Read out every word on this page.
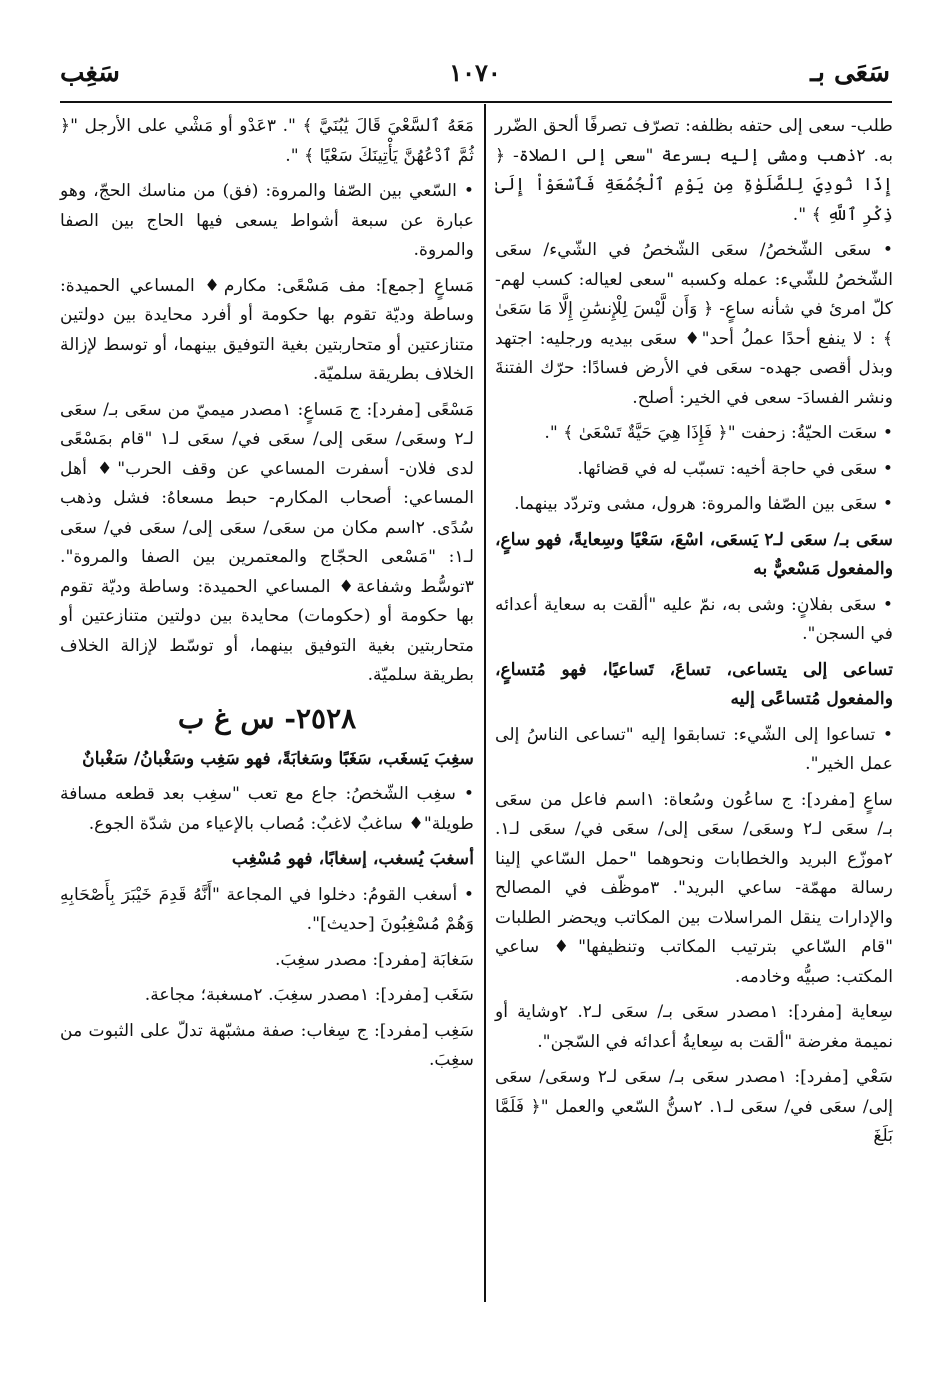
سَعَى بـ
١٠٧٠
سَغِب

طلب- سعى إلى حتفه بظلفه: تصرّف تصرفًا ألحق الضّرر به. ٢ذهب ومشى إليه بسرعة "سعى إلى الصلاة- ﴿ إِذَا نُودِيَ لِلصَّلَوٰةِ مِن يَوْمِ ٱلْجُمُعَةِ فَٱسْعَوْاْ إِلَىٰ ذِكْرِ ٱللَّهِ ﴾ ".

• سعَى الشّخصُ/ سعَى الشّخصُ في الشّيء/ سعَى الشّخصُ للشّيء: عمله وكسبه "سعى لعياله: كسب لهم- كلّ امرئ في شأنه ساعٍ- ﴿ وَأَن لَّيْسَ لِلْإِنسَٰنِ إِلَّا مَا سَعَىٰ ﴾ : لا ينفع أحدًا عملُ أحد"♦ سعَى بيديه ورجليه: اجتهد وبذل أقصى جهده- سعَى في الأرض فسادًا: حرّك الفتنةَ ونشر الفسادَ- سعى في الخير: أصلح.

• سعَت الحيّةُ: زحفت "﴿ فَإِذَا هِيَ حَيَّةٌ تَسْعَىٰ ﴾ ".

• سعَى في حاجة أخيه: تسبّب له في قضائها.

• سعَى بين الصّفا والمروة: هرول، مشى وتردّد بينهما.

سعَى بـ/ سعَى لـ٢ يَسعَى، اسْعَ، سَعْيًا وسِعايةً، فهو ساعٍ، والمفعول مَسْعيٌّ به

• سعَى بفلانٍ: وشى به، نمّ عليه "ألقت به سعاية أعدائه في السجن".

تساعى إلى يتساعى، تساعَ، تَساعيًا، فهو مُتساعٍ، والمفعول مُتساعًى إليه

• تساعوا إلى الشّيء: تسابقوا إليه "تساعى الناسُ إلى عمل الخير".

ساعٍ [مفرد]: ج ساعُون وسُعاة: ١اسم فاعل من سعَى بـ/ سعَى لـ٢ وسعَى/ سعَى إلى/ سعَى في/ سعَى لـ١. ٢موزّع البريد والخطابات ونحوهما "حمل السّاعي إلينا رسالة مهمّة- ساعي البريد". ٣موظّف في المصالح والإدارات ينقل المراسلات بين المكاتب ويحضر الطلبات "قام السّاعي بترتيب المكاتب وتنظيفها"♦ ساعي المكتب: صبيُّه وخادمه.

سِعاية [مفرد]: ١مصدر سعَى بـ/ سعَى لـ٢. ٢وشاية أو نميمة مغرضة "ألقت به سِعايةُ أعدائه في السّجن".

سَعْي [مفرد]: ١مصدر سعَى بـ/ سعَى لـ٢ وسعَى/ سعَى إلى/ سعَى في/ سعَى لـ١. ٢سنُّ السّعي والعمل "﴿ فَلَمَّا بَلَغَ

مَعَهُ ٱلسَّعْيَ قَالَ يَٰبُنَيَّ ﴾ ". ٣عَدْو أو مَشْي على الأرجل "﴿ ثُمَّ ٱدْعُهُنَّ يَأْتِينَكَ سَعْيًا ﴾ ".

• السّعي بين الصّفا والمروة: (فق) من مناسك الحجّ، وهو عبارة عن سبعة أشواط يسعى فيها الحاج بين الصفا والمروة.

مَساعٍ [جمع]: مف مَسْعًى: مكارم♦ المساعي الحميدة: وساطة وديّة تقوم بها حكومة أو أفرد محايدة بين دولتين متنازعتين أو متحاربتين بغية التوفيق بينهما، أو توسط لإزالة الخلاف بطريقة سلميّة.

مَسْعًى [مفرد]: ج مَساعٍ: ١مصدر ميميّ من سعَى بـ/ سعَى لـ٢ وسعَى/ سعَى إلى/ سعَى في/ سعَى لـ١ "قام بمَسْعًى لدى فلان- أسفرت المساعي عن وقف الحرب"♦ أهل المساعي: أصحاب المكارم- حبط مسعاهُ: فشل وذهب سُدًى. ٢اسم مكان من سعَى/ سعَى إلى/ سعَى في/ سعَى لـ١: "مَسْعى الحجّاج والمعتمرين بين الصفا والمروة". ٣توسُّط وشفاعة♦ المساعي الحميدة: وساطة وديّة تقوم بها حكومة أو (حكومات) محايدة بين دولتين متنازعتين أو متحاربتين بغية التوفيق بينهما، أو توسّط لإزالة الخلاف بطريقة سلميّة.

٢٥٢٨- س غ ب

سغِبَ يَسغَب، سَغَبًا وسَغابَةً، فهو سَغِب وسَغْبانُ/ سَغْبانٌ

• سغِب الشّخصُ: جاع مع تعب "سغِب بعد قطعه مسافة طويلة"♦ ساغبٌ لاغبٌ: مُصاب بالإعياء من شدّة الجوع.

أسغبَ يُسغب، إسغابًا، فهو مُسْغِب

• أسغب القومُ: دخلوا في المجاعة "أَنَّهُ قَدِمَ خَيْبَرَ بِأَصْحَابِهِ وَهُمْ مُسْغِبُونَ [حديث]".

سَغابَة [مفرد]: مصدر سغِبَ.

سَغَب [مفرد]: ١مصدر سغِبَ. ٢مسغبة؛ مجاعة.

سَغِب [مفرد]: ج سِغاب: صفة مشبّهة تدلّ على الثبوت من سغِبَ.
